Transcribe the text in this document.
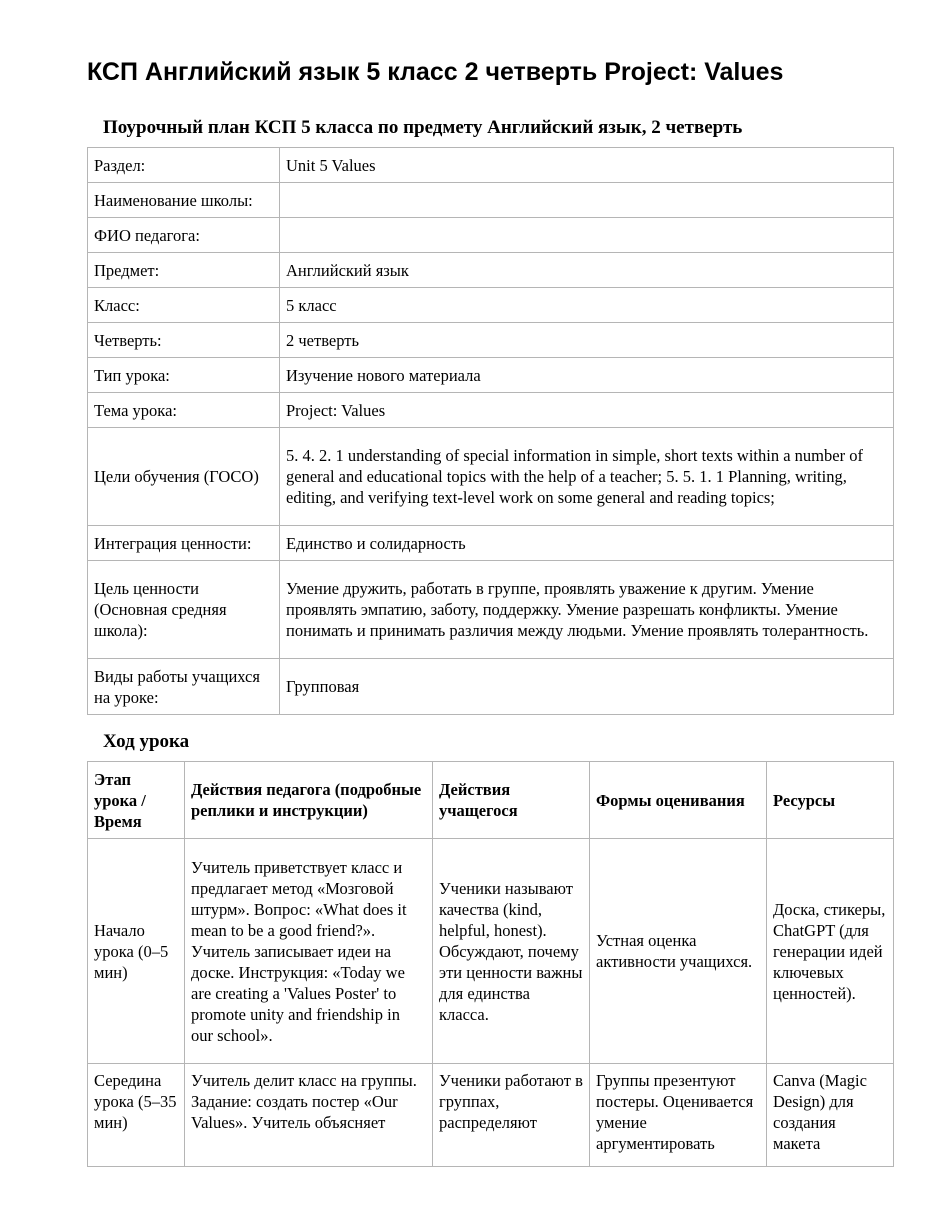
КСП Английский язык 5 класс 2 четверть Project: Values
Поурочный план КСП 5 класса по предмету Английский язык, 2 четверть
Раздел:	Unit 5 Values
Наименование школы:	
ФИО педагога:	
Предмет:	Английский язык
Класс:	5 класс
Четверть:	2 четверть
Тип урока:	Изучение нового материала
Тема урока:	Project: Values
Цели обучения (ГОСО)	5. 4. 2. 1 understanding of special information in simple, short texts within a number of general and educational topics with the help of a teacher; 5. 5. 1. 1 Planning, writing, editing, and verifying text-level work on some general and reading topics;
Интеграция ценности:	Единство и солидарность
Цель ценности (Основная средняя школа):	Умение дружить, работать в группе, проявлять уважение к другим. Умение проявлять эмпатию, заботу, поддержку. Умение разрешать конфликты. Умение понимать и принимать различия между людьми. Умение проявлять толерантность.
Виды работы учащихся на уроке:	Групповая
Ход урока
Этап урока / Время	Действия педагога (подробные реплики и инструкции)	Действия учащегося	Формы оценивания	Ресурсы
Начало урока (0–5 мин)	Учитель приветствует класс и предлагает метод «Мозговой штурм». Вопрос: «What does it mean to be a good friend?». Учитель записывает идеи на доске. Инструкция: «Today we are creating a 'Values Poster' to promote unity and friendship in our school».	Ученики называют качества (kind, helpful, honest). Обсуждают, почему эти ценности важны для единства класса.	Устная оценка активности учащихся.	Доска, стикеры, ChatGPT (для генерации идей ключевых ценностей).

Середина урока (5–35 мин)	Учитель делит класс на группы. Задание: создать постер «Our Values». Учитель объясняет	Ученики работают в группах, распределяют	Группы презентуют постеры. Оценивается умение аргументировать	Canva (Magic Design) для создания макета
